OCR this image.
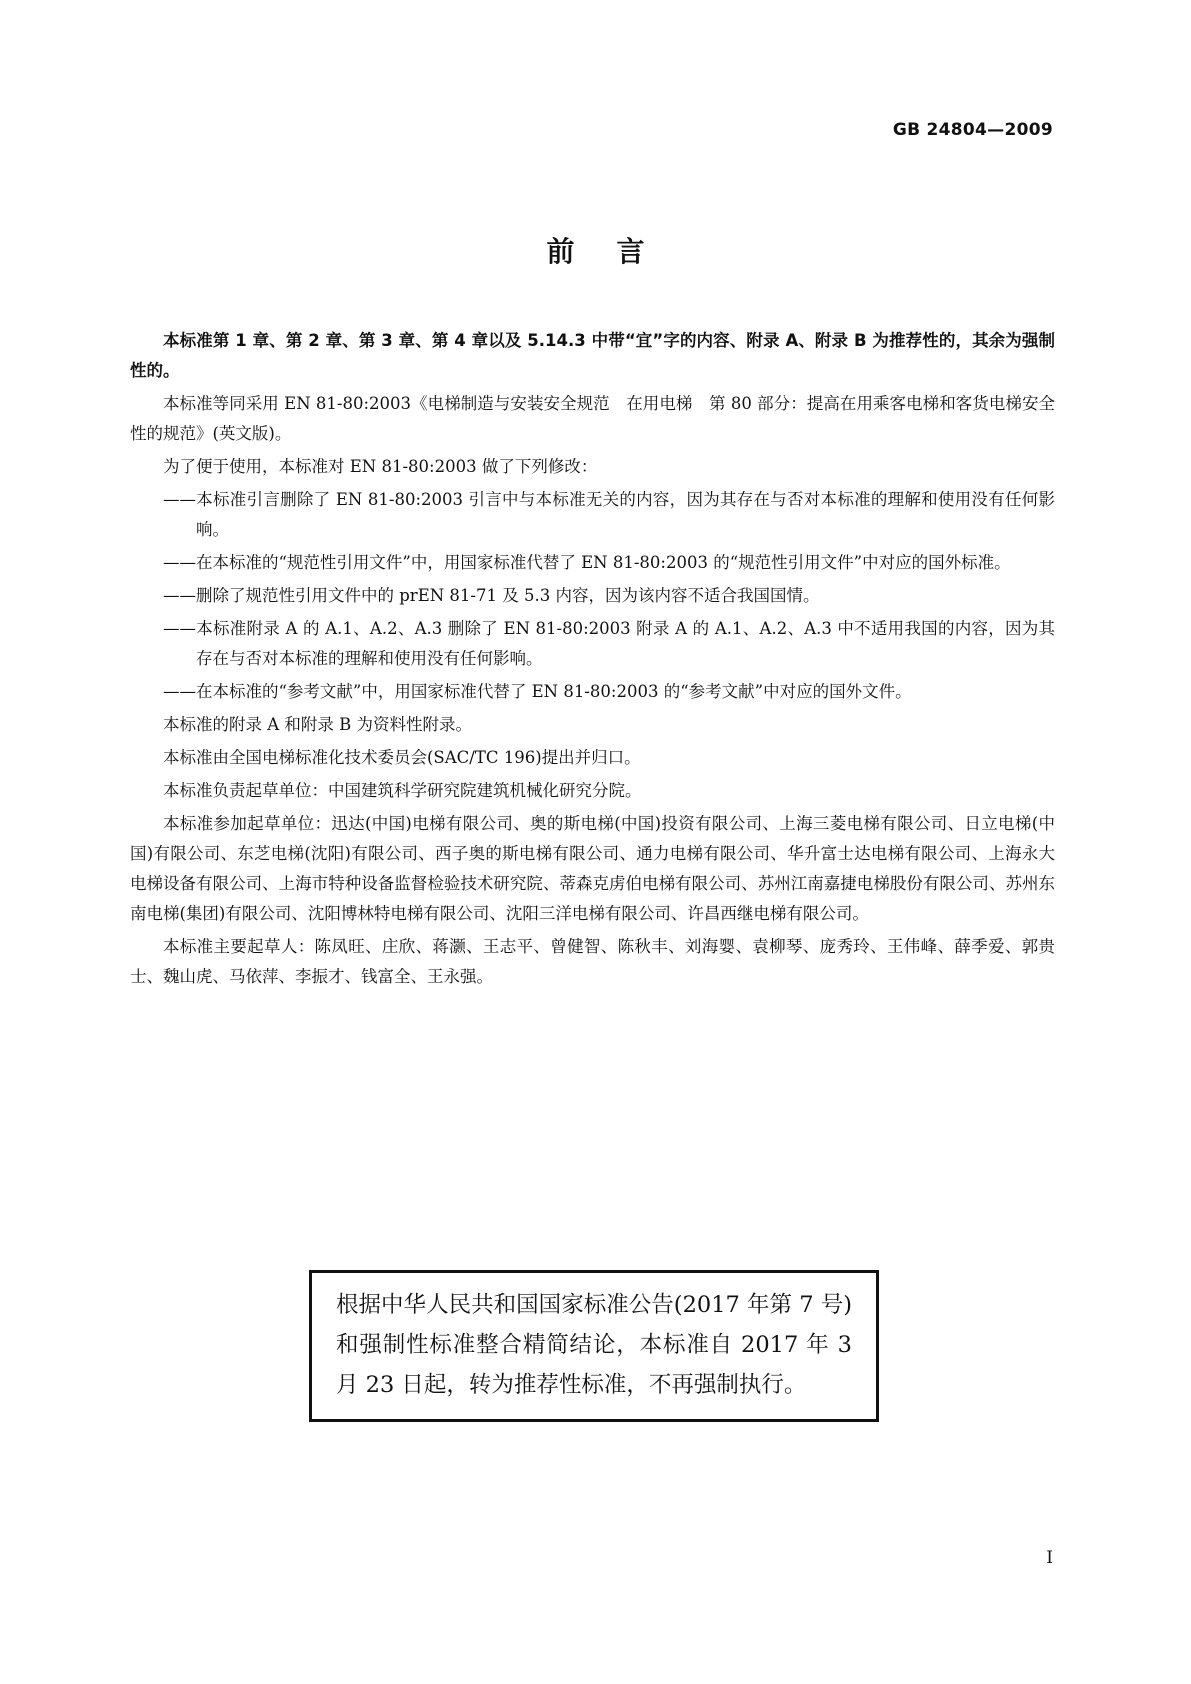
GB 24804—2009
前 言

本标准第 1 章、第 2 章、第 3 章、第 4 章以及 5.14.3 中带“宜”字的内容、附录 A、附录 B 为推荐性的，其余为强制性的。

本标准等同采用 EN 81-80:2003《电梯制造与安装安全规范　在用电梯　第 80 部分：提高在用乘客电梯和客货电梯安全性的规范》(英文版)。

为了便于使用，本标准对 EN 81-80:2003 做了下列修改：

——本标准引言删除了 EN 81-80:2003 引言中与本标准无关的内容，因为其存在与否对本标准的理解和使用没有任何影响。

——在本标准的“规范性引用文件”中，用国家标准代替了 EN 81-80:2003 的“规范性引用文件”中对应的国外标准。

——删除了规范性引用文件中的 prEN 81-71 及 5.3 内容，因为该内容不适合我国国情。

——本标准附录 A 的 A.1、A.2、A.3 删除了 EN 81-80:2003 附录 A 的 A.1、A.2、A.3 中不适用我国的内容，因为其存在与否对本标准的理解和使用没有任何影响。

——在本标准的“参考文献”中，用国家标准代替了 EN 81-80:2003 的“参考文献”中对应的国外文件。

本标准的附录 A 和附录 B 为资料性附录。

本标准由全国电梯标准化技术委员会(SAC/TC 196)提出并归口。

本标准负责起草单位：中国建筑科学研究院建筑机械化研究分院。

本标准参加起草单位：迅达(中国)电梯有限公司、奥的斯电梯(中国)投资有限公司、上海三菱电梯有限公司、日立电梯(中国)有限公司、东芝电梯(沈阳)有限公司、西子奥的斯电梯有限公司、通力电梯有限公司、华升富士达电梯有限公司、上海永大电梯设备有限公司、上海市特种设备监督检验技术研究院、蒂森克虏伯电梯有限公司、苏州江南嘉捷电梯股份有限公司、苏州东南电梯(集团)有限公司、沈阳博林特电梯有限公司、沈阳三洋电梯有限公司、许昌西继电梯有限公司。

本标准主要起草人：陈凤旺、庄欣、蒋灏、王志平、曾健智、陈秋丰、刘海婴、袁柳琴、庞秀玲、王伟峰、薛季爱、郭贵士、魏山虎、马依萍、李振才、钱富全、王永强。

根据中华人民共和国国家标准公告(2017 年第 7 号)和强制性标准整合精简结论，本标准自 2017 年 3 月 23 日起，转为推荐性标准，不再强制执行。
I
